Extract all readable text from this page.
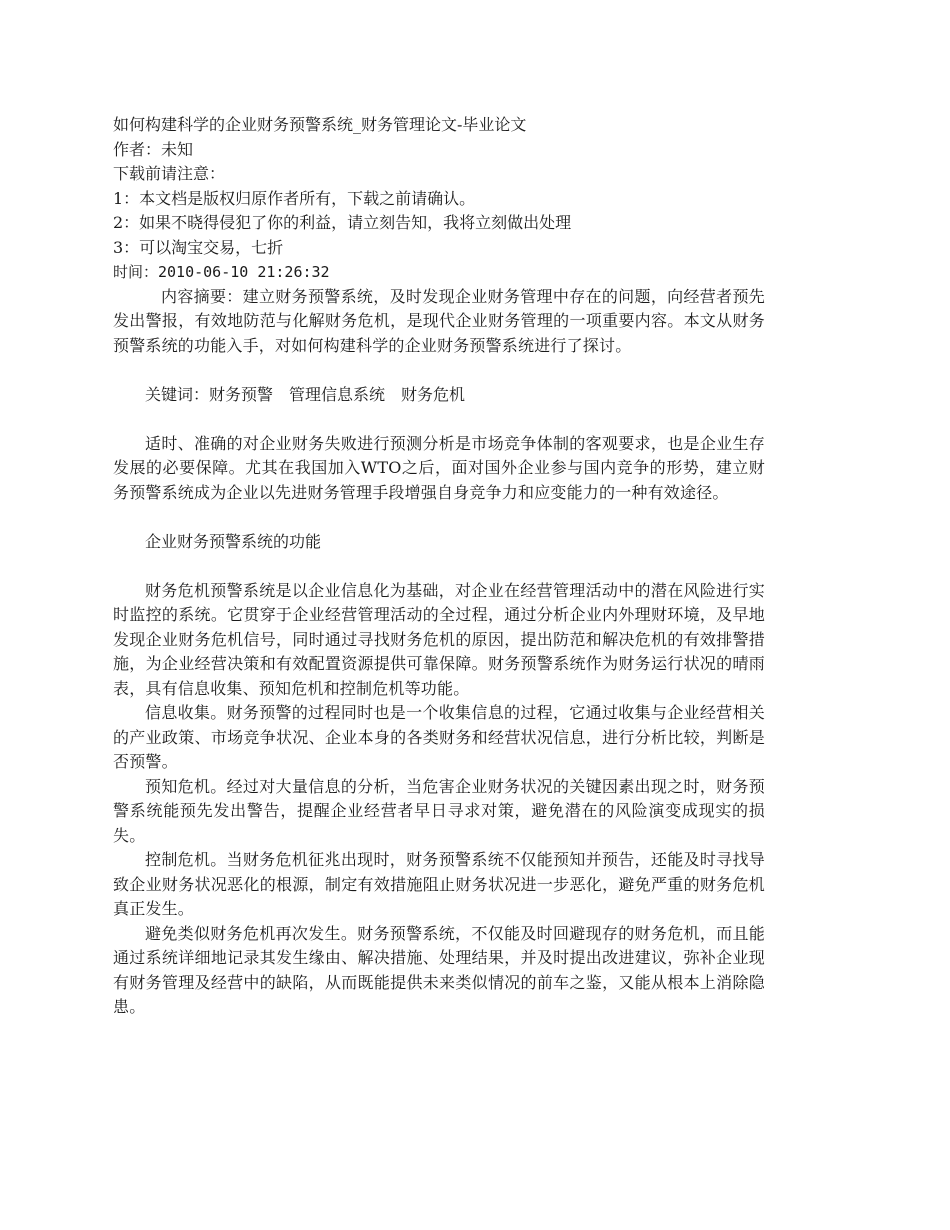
如何构建科学的企业财务预警系统_财务管理论文-毕业论文

作者：未知

下载前请注意：

1：本文档是版权归原作者所有，下载之前请确认。

2：如果不晓得侵犯了你的利益，请立刻告知，我将立刻做出处理

3：可以淘宝交易，七折

时间：2010-06-10 21:26:32

内容摘要：建立财务预警系统，及时发现企业财务管理中存在的问题，向经营者预先发出警报，有效地防范与化解财务危机，是现代企业财务管理的一项重要内容。本文从财务预警系统的功能入手，对如何构建科学的企业财务预警系统进行了探讨。

关键词：财务预警　管理信息系统　财务危机

适时、准确的对企业财务失败进行预测分析是市场竞争体制的客观要求，也是企业生存发展的必要保障。尤其在我国加入WTO之后，面对国外企业参与国内竞争的形势，建立财务预警系统成为企业以先进财务管理手段增强自身竞争力和应变能力的一种有效途径。

企业财务预警系统的功能

财务危机预警系统是以企业信息化为基础，对企业在经营管理活动中的潜在风险进行实时监控的系统。它贯穿于企业经营管理活动的全过程，通过分析企业内外理财环境，及早地发现企业财务危机信号，同时通过寻找财务危机的原因，提出防范和解决危机的有效排警措施，为企业经营决策和有效配置资源提供可靠保障。财务预警系统作为财务运行状况的晴雨表，具有信息收集、预知危机和控制危机等功能。

信息收集。财务预警的过程同时也是一个收集信息的过程，它通过收集与企业经营相关的产业政策、市场竞争状况、企业本身的各类财务和经营状况信息，进行分析比较，判断是否预警。

预知危机。经过对大量信息的分析，当危害企业财务状况的关键因素出现之时，财务预警系统能预先发出警告，提醒企业经营者早日寻求对策，避免潜在的风险演变成现实的损失。

控制危机。当财务危机征兆出现时，财务预警系统不仅能预知并预告，还能及时寻找导致企业财务状况恶化的根源，制定有效措施阻止财务状况进一步恶化，避免严重的财务危机真正发生。

避免类似财务危机再次发生。财务预警系统，不仅能及时回避现存的财务危机，而且能通过系统详细地记录其发生缘由、解决措施、处理结果，并及时提出改进建议，弥补企业现有财务管理及经营中的缺陷，从而既能提供未来类似情况的前车之鉴，又能从根本上消除隐患。
